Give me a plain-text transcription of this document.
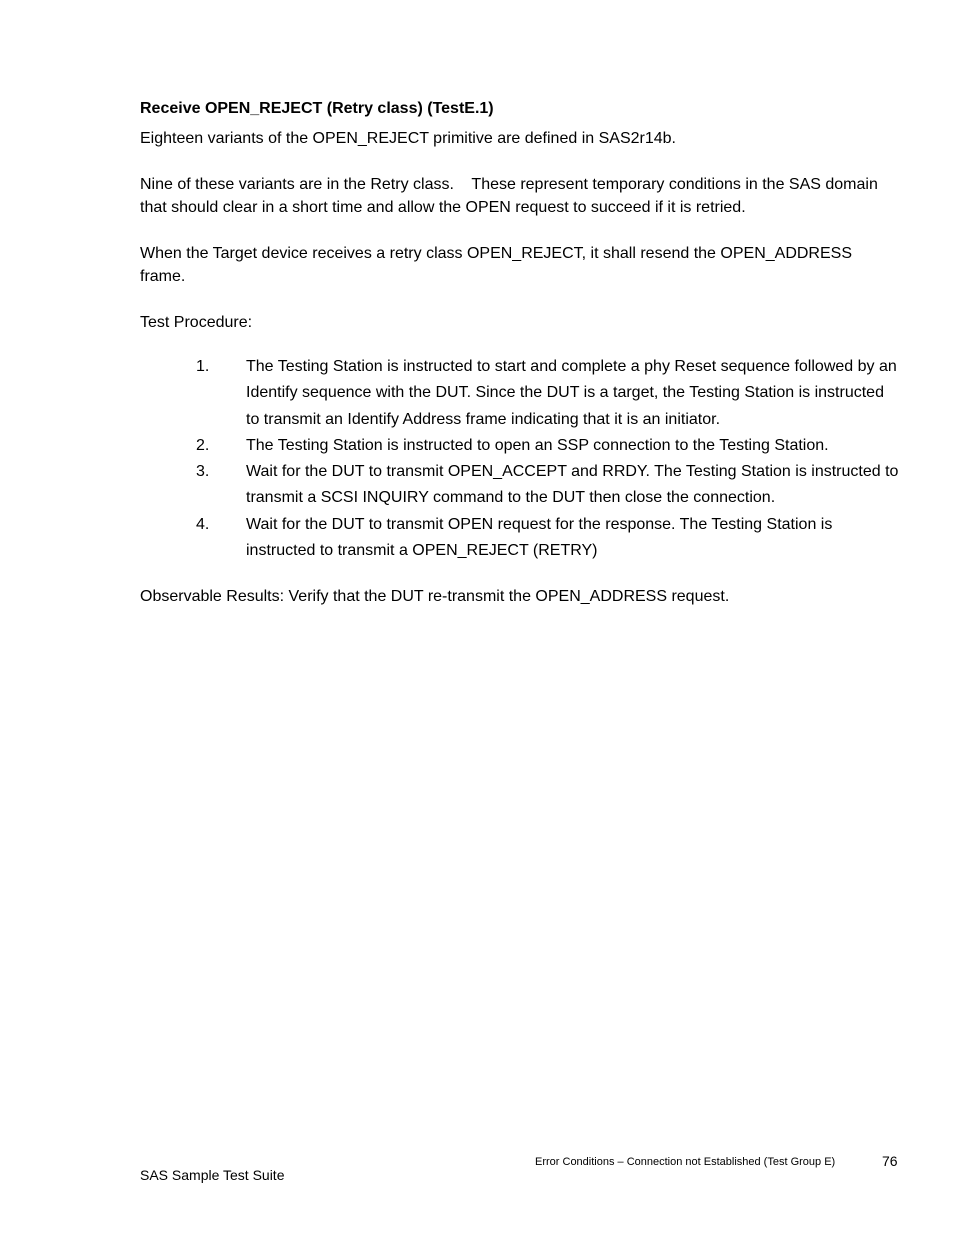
Receive OPEN_REJECT (Retry class) (TestE.1)

Eighteen variants of the OPEN_REJECT primitive are defined in SAS2r14b.

Nine of these variants are in the Retry class.    These represent temporary conditions in the SAS domain that should clear in a short time and allow the OPEN request to succeed if it is retried.

When the Target device receives a retry class OPEN_REJECT, it shall resend the OPEN_ADDRESS frame.

Test Procedure:

1. The Testing Station is instructed to start and complete a phy Reset sequence followed by an Identify sequence with the DUT. Since the DUT is a target, the Testing Station is instructed to transmit an Identify Address frame indicating that it is an initiator.
2. The Testing Station is instructed to open an SSP connection to the Testing Station.
3. Wait for the DUT to transmit OPEN_ACCEPT and RRDY. The Testing Station is instructed to transmit a SCSI INQUIRY command to the DUT then close the connection.
4. Wait for the DUT to transmit OPEN request for the response. The Testing Station is instructed to transmit a OPEN_REJECT (RETRY)

Observable Results: Verify that the DUT re-transmit the OPEN_ADDRESS request.

Error Conditions – Connection not Established (Test Group E)	76
SAS Sample Test Suite
